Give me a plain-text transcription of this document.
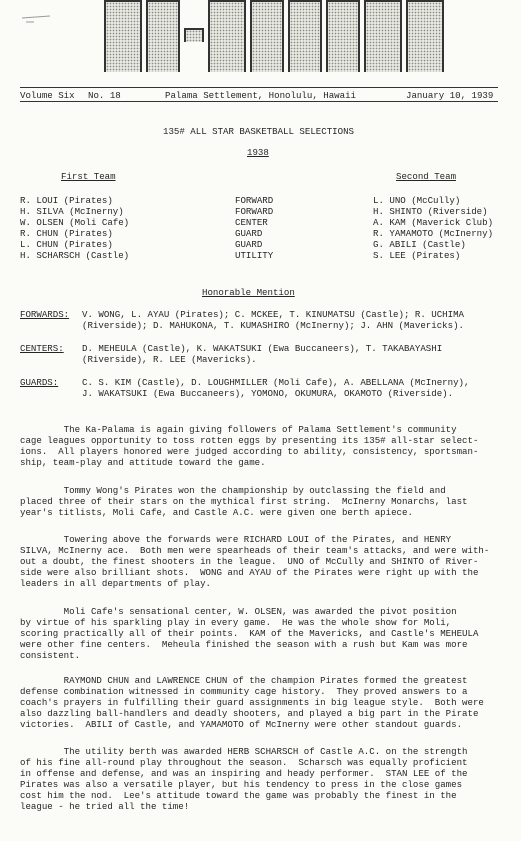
Volume Six No. 18	Palama Settlement, Honolulu, Hawaii	January 10, 1939
135# ALL STAR BASKETBALL SELECTIONS
1938
First Team	Second Team
R. LOUI (Pirates)	FORWARD	L. UNO (McCully)
H. SILVA (McInerny)	FORWARD	H. SHINTO (Riverside)
W. OLSEN (Moli Cafe)	CENTER	A. KAM (Maverick Club)
R. CHUN (Pirates)	GUARD	R. YAMAMOTO (McInerny)
L. CHUN (Pirates)	GUARD	G. ABILI (Castle)
H. SCHARSCH (Castle)	UTILITY	S. LEE (Pirates)
Honorable Mention
FORWARDS: V. WONG, L. AYAU (Pirates); C. MCKEE, T. KINUMATSU (Castle); R. UCHIMA
(Riverside); D. MAHUKONA, T. KUMASHIRO (McInerny); J. AHN (Mavericks).
CENTERS: D. MEHEULA (Castle), K. WAKATSUKI (Ewa Buccaneers), T. TAKABAYASHI
(Riverside), R. LEE (Mavericks).
GUARDS:	C. S. KIM (Castle), D. LOUGHMILLER (Moli Cafe), A. ABELLANA (McInerny),
J. WAKATSUKI (Ewa Buccaneers), YOMONO, OKUMURA, OKAMOTO (Riverside).
The Ka-Palama is again giving followers of Palama Settlement's community
cage leagues opportunity to toss rotten eggs by presenting its 135# all-star select-
ions.  All players honored were judged according to ability, consistency, sportsman-
ship, team-play and attitude toward the game.
Tommy Wong's Pirates won the championship by outclassing the field and
placed three of their stars on the mythical first string.  McInerny Monarchs, last
year's titlists, Moli Cafe, and Castle A.C. were given one berth apiece.
Towering above the forwards were RICHARD LOUI of the Pirates, and HENRY
SILVA, McInerny ace.  Both men were spearheads of their team's attacks, and were with-
out a doubt, the finest shooters in the league.  UNO of McCully and SHINTO of River-
side were also brilliant shots.  WONG and AYAU of the Pirates were right up with the
leaders in all departments of play.
Moli Cafe's sensational center, W. OLSEN, was awarded the pivot position
by virtue of his sparkling play in every game.  He was the whole show for Moli,
scoring practically all of their points.  KAM of the Mavericks, and Castle's MEHEULA
were other fine centers.  Meheula finished the season with a rush but Kam was more
consistent.
RAYMOND CHUN and LAWRENCE CHUN of the champion Pirates formed the greatest
defense combination witnessed in community cage history.  They proved answers to a
coach's prayers in fulfilling their guard assignments in big league style.  Both were
also dazzling ball-handlers and deadly shooters, and played a big part in the Pirate
victories.  ABILI of Castle, and YAMAMOTO of McInerny were other standout guards.
The utility berth was awarded HERB SCHARSCH of Castle A.C. on the strength
of his fine all-round play throughout the season.  Scharsch was equally proficient
in offense and defense, and was an inspiring and heady performer.  STAN LEE of the
Pirates was also a versatile player, but his tendency to press in the close games
cost him the nod.  Lee's attitude toward the game was probably the finest in the
league - he tried all the time!
